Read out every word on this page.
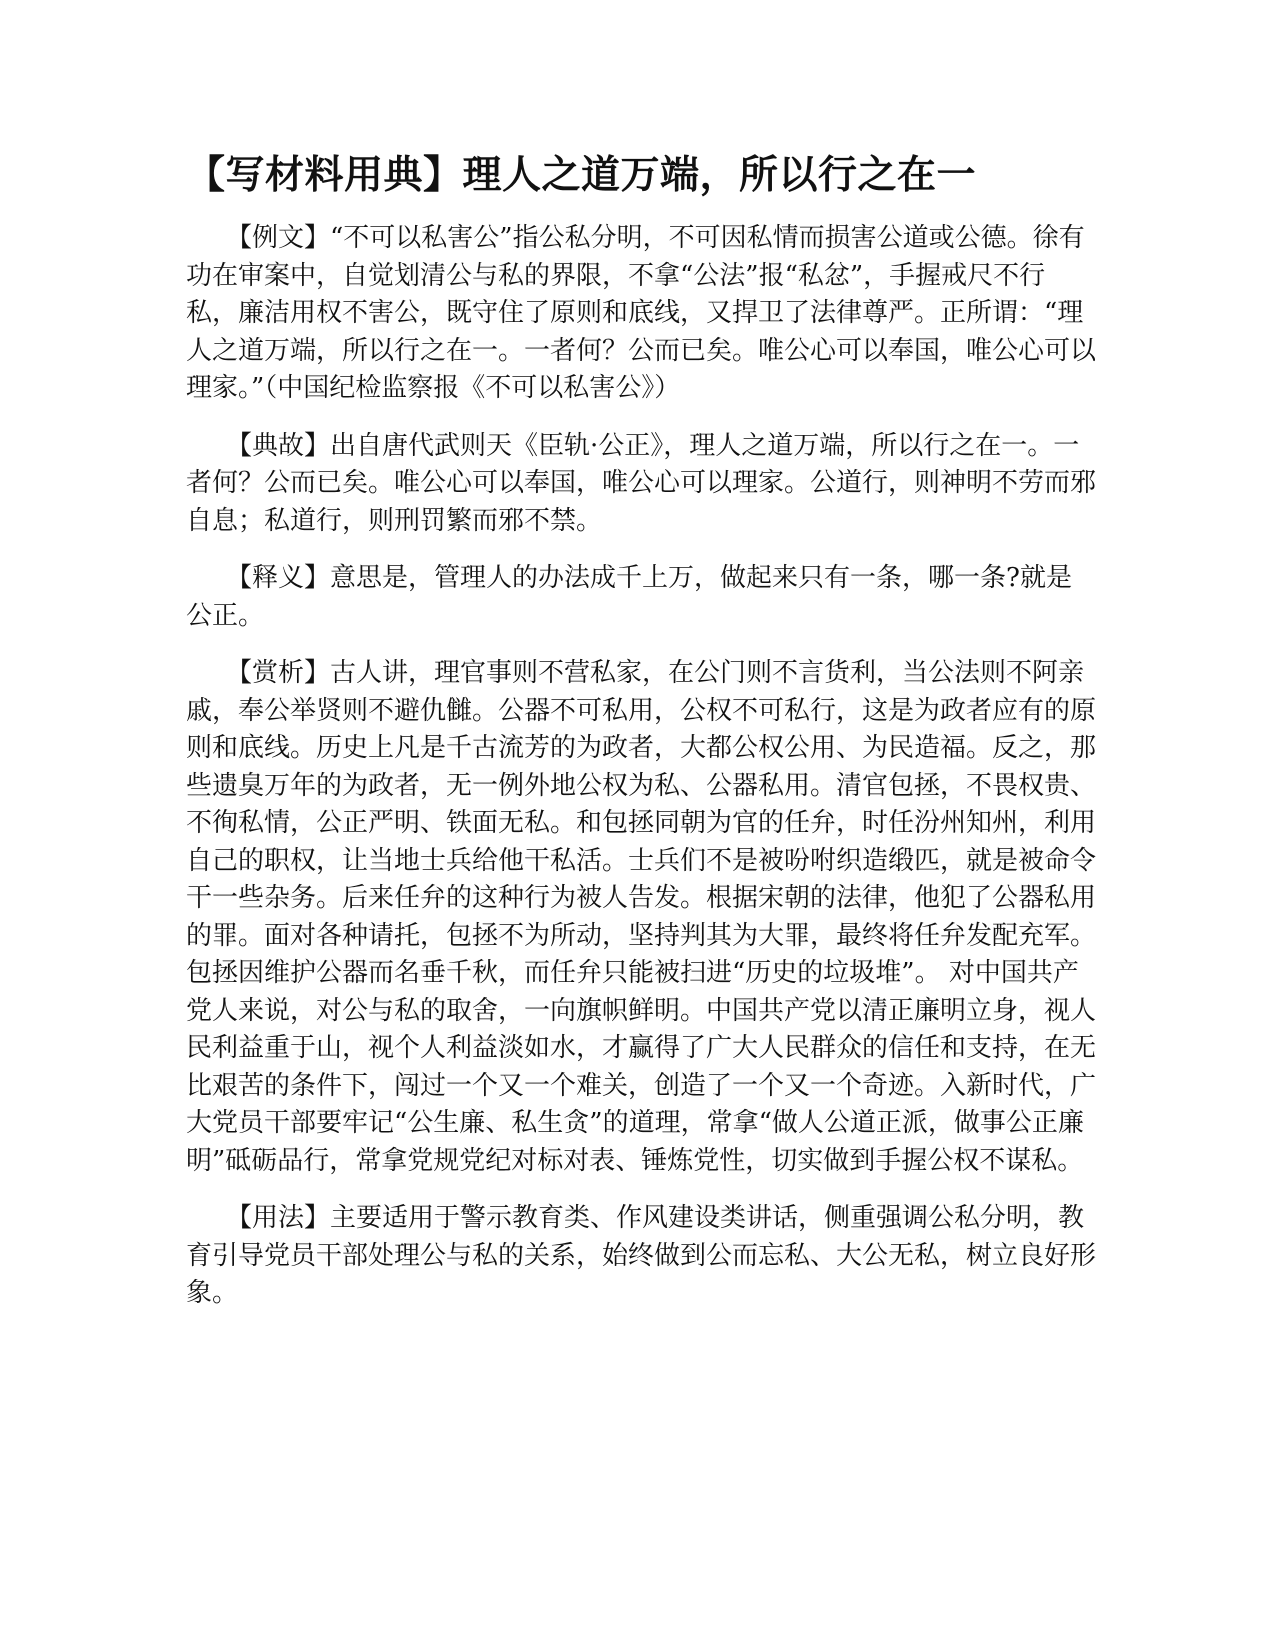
【写材料用典】理人之道万端，所以行之在一

【例文】“不可以私害公”指公私分明，不可因私情而损害公道或公德。徐有功在审案中，自觉划清公与私的界限，不拿“公法”报“私忿”，手握戒尺不行私，廉洁用权不害公，既守住了原则和底线，又捍卫了法律尊严。正所谓：“理人之道万端，所以行之在一。一者何？公而已矣。唯公心可以奉国，唯公心可以理家。”（中国纪检监察报《不可以私害公》）

【典故】出自唐代武则天《臣轨·公正》，理人之道万端，所以行之在一。一者何？公而已矣。唯公心可以奉国，唯公心可以理家。公道行，则神明不劳而邪自息；私道行，则刑罚繁而邪不禁。

【释义】意思是，管理人的办法成千上万，做起来只有一条，哪一条?就是公正。

【赏析】古人讲，理官事则不营私家，在公门则不言货利，当公法则不阿亲戚，奉公举贤则不避仇雠。公器不可私用，公权不可私行，这是为政者应有的原则和底线。历史上凡是千古流芳的为政者，大都公权公用、为民造福。反之，那些遗臭万年的为政者，无一例外地公权为私、公器私用。清官包拯，不畏权贵、不徇私情，公正严明、铁面无私。和包拯同朝为官的任弁，时任汾州知州，利用自己的职权，让当地士兵给他干私活。士兵们不是被吩咐织造缎匹，就是被命令干一些杂务。后来任弁的这种行为被人告发。根据宋朝的法律，他犯了公器私用的罪。面对各种请托，包拯不为所动，坚持判其为大罪，最终将任弁发配充军。包拯因维护公器而名垂千秋，而任弁只能被扫进“历史的垃圾堆”。 对中国共产党人来说，对公与私的取舍，一向旗帜鲜明。中国共产党以清正廉明立身，视人民利益重于山，视个人利益淡如水，才赢得了广大人民群众的信任和支持，在无比艰苦的条件下，闯过一个又一个难关，创造了一个又一个奇迹。入新时代，广大党员干部要牢记“公生廉、私生贪”的道理，常拿“做人公道正派，做事公正廉明”砥砺品行，常拿党规党纪对标对表、锤炼党性，切实做到手握公权不谋私。

【用法】主要适用于警示教育类、作风建设类讲话，侧重强调公私分明，教育引导党员干部处理公与私的关系，始终做到公而忘私、大公无私，树立良好形象。
